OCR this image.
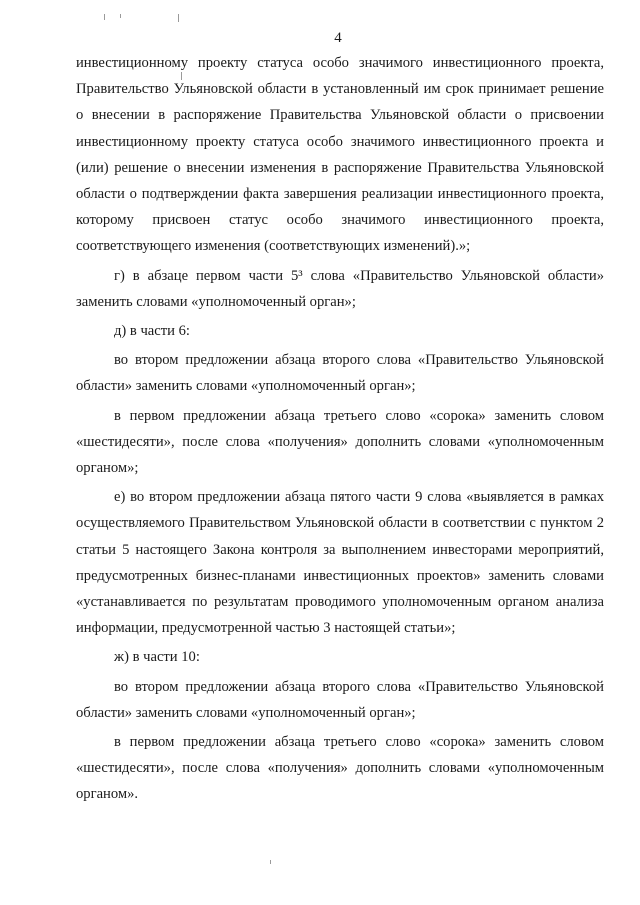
4

инвестиционному проекту статуса особо значимого инвестиционного проекта, Правительство Ульяновской области в установленный им срок принимает решение о внесении в распоряжение Правительства Ульяновской области о присвоении инвестиционному проекту статуса особо значимого инвестиционного проекта и (или) решение о внесении изменения в распоряжение Правительства Ульяновской области о подтверждении факта завершения реализации инвестиционного проекта, которому присвоен статус особо значимого инвестиционного проекта, соответствующего изменения (соответствующих изменений).»;

г) в абзаце первом части 5³ слова «Правительство Ульяновской области» заменить словами «уполномоченный орган»;

д) в части 6:

во втором предложении абзаца второго слова «Правительство Ульяновской области» заменить словами «уполномоченный орган»;

в первом предложении абзаца третьего слово «сорока» заменить словом «шестидесяти», после слова «получения» дополнить словами «уполномоченным органом»;

е) во втором предложении абзаца пятого части 9 слова «выявляется в рамках осуществляемого Правительством Ульяновской области в соответствии с пунктом 2 статьи 5 настоящего Закона контроля за выполнением инвесторами мероприятий, предусмотренных бизнес-планами инвестиционных проектов» заменить словами «устанавливается по результатам проводимого уполномоченным органом анализа информации, предусмотренной частью 3 настоящей статьи»;

ж) в части 10:

во втором предложении абзаца второго слова «Правительство Ульяновской области» заменить словами «уполномоченный орган»;

в первом предложении абзаца третьего слово «сорока» заменить словом «шестидесяти», после слова «получения» дополнить словами «уполномоченным органом».
